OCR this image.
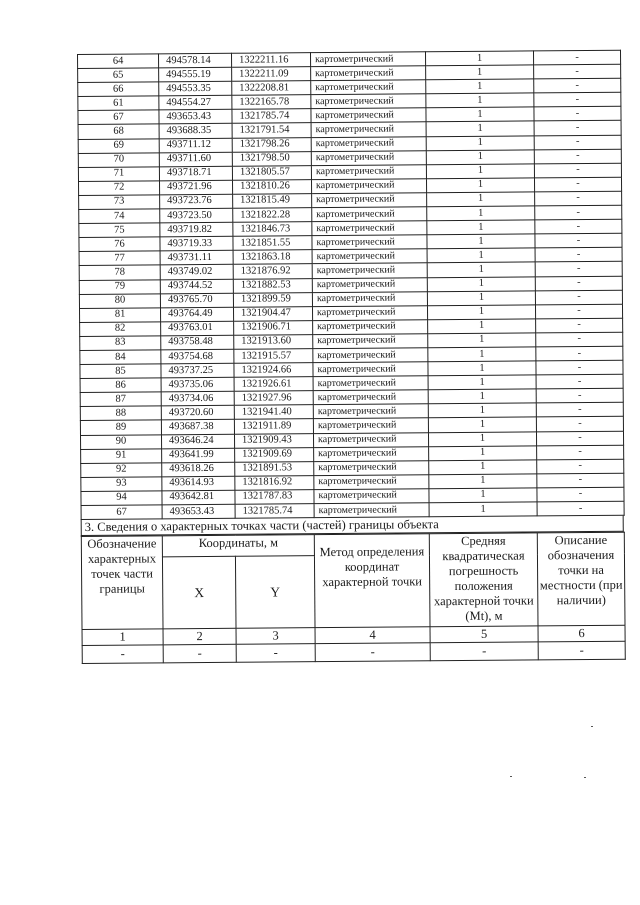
64	494578.14	1322211.16	картометрический	1	-
65	494555.19	1322211.09	картометрический	1	-
66	494553.35	1322208.81	картометрический	1	-
61	494554.27	1322165.78	картометрический	1	-
67	493653.43	1321785.74	картометрический	1	-
68	493688.35	1321791.54	картометрический	1	-
69	493711.12	1321798.26	картометрический	1	-
70	493711.60	1321798.50	картометрический	1	-
71	493718.71	1321805.57	картометрический	1	-
72	493721.96	1321810.26	картометрический	1	-
73	493723.76	1321815.49	картометрический	1	-
74	493723.50	1321822.28	картометрический	1	-
75	493719.82	1321846.73	картометрический	1	-
76	493719.33	1321851.55	картометрический	1	-
77	493731.11	1321863.18	картометрический	1	-
78	493749.02	1321876.92	картометрический	1	-
79	493744.52	1321882.53	картометрический	1	-
80	493765.70	1321899.59	картометрический	1	-
81	493764.49	1321904.47	картометрический	1	-
82	493763.01	1321906.71	картометрический	1	-
83	493758.48	1321913.60	картометрический	1	-
84	493754.68	1321915.57	картометрический	1	-
85	493737.25	1321924.66	картометрический	1	-
86	493735.06	1321926.61	картометрический	1	-
87	493734.06	1321927.96	картометрический	1	-
88	493720.60	1321941.40	картометрический	1	-
89	493687.38	1321911.89	картометрический	1	-
90	493646.24	1321909.43	картометрический	1	-
91	493641.99	1321909.69	картометрический	1	-
92	493618.26	1321891.53	картометрический	1	-
93	493614.93	1321816.92	картометрический	1	-
94	493642.81	1321787.83	картометрический	1	-
67	493653.43	1321785.74	картометрический	1	-
3. Сведения о характерных точках части (частей) границы объекта
Обозначение характерных точек части границы	Координаты, м		Метод определения координат характерной точки	Средняя квадратическая погрешность положения характерной точки (Mt), м	Описание обозначения точки на местности (при наличии)
	X	Y			
1	2	3	4	5	6
-	-	-	-	-	-
